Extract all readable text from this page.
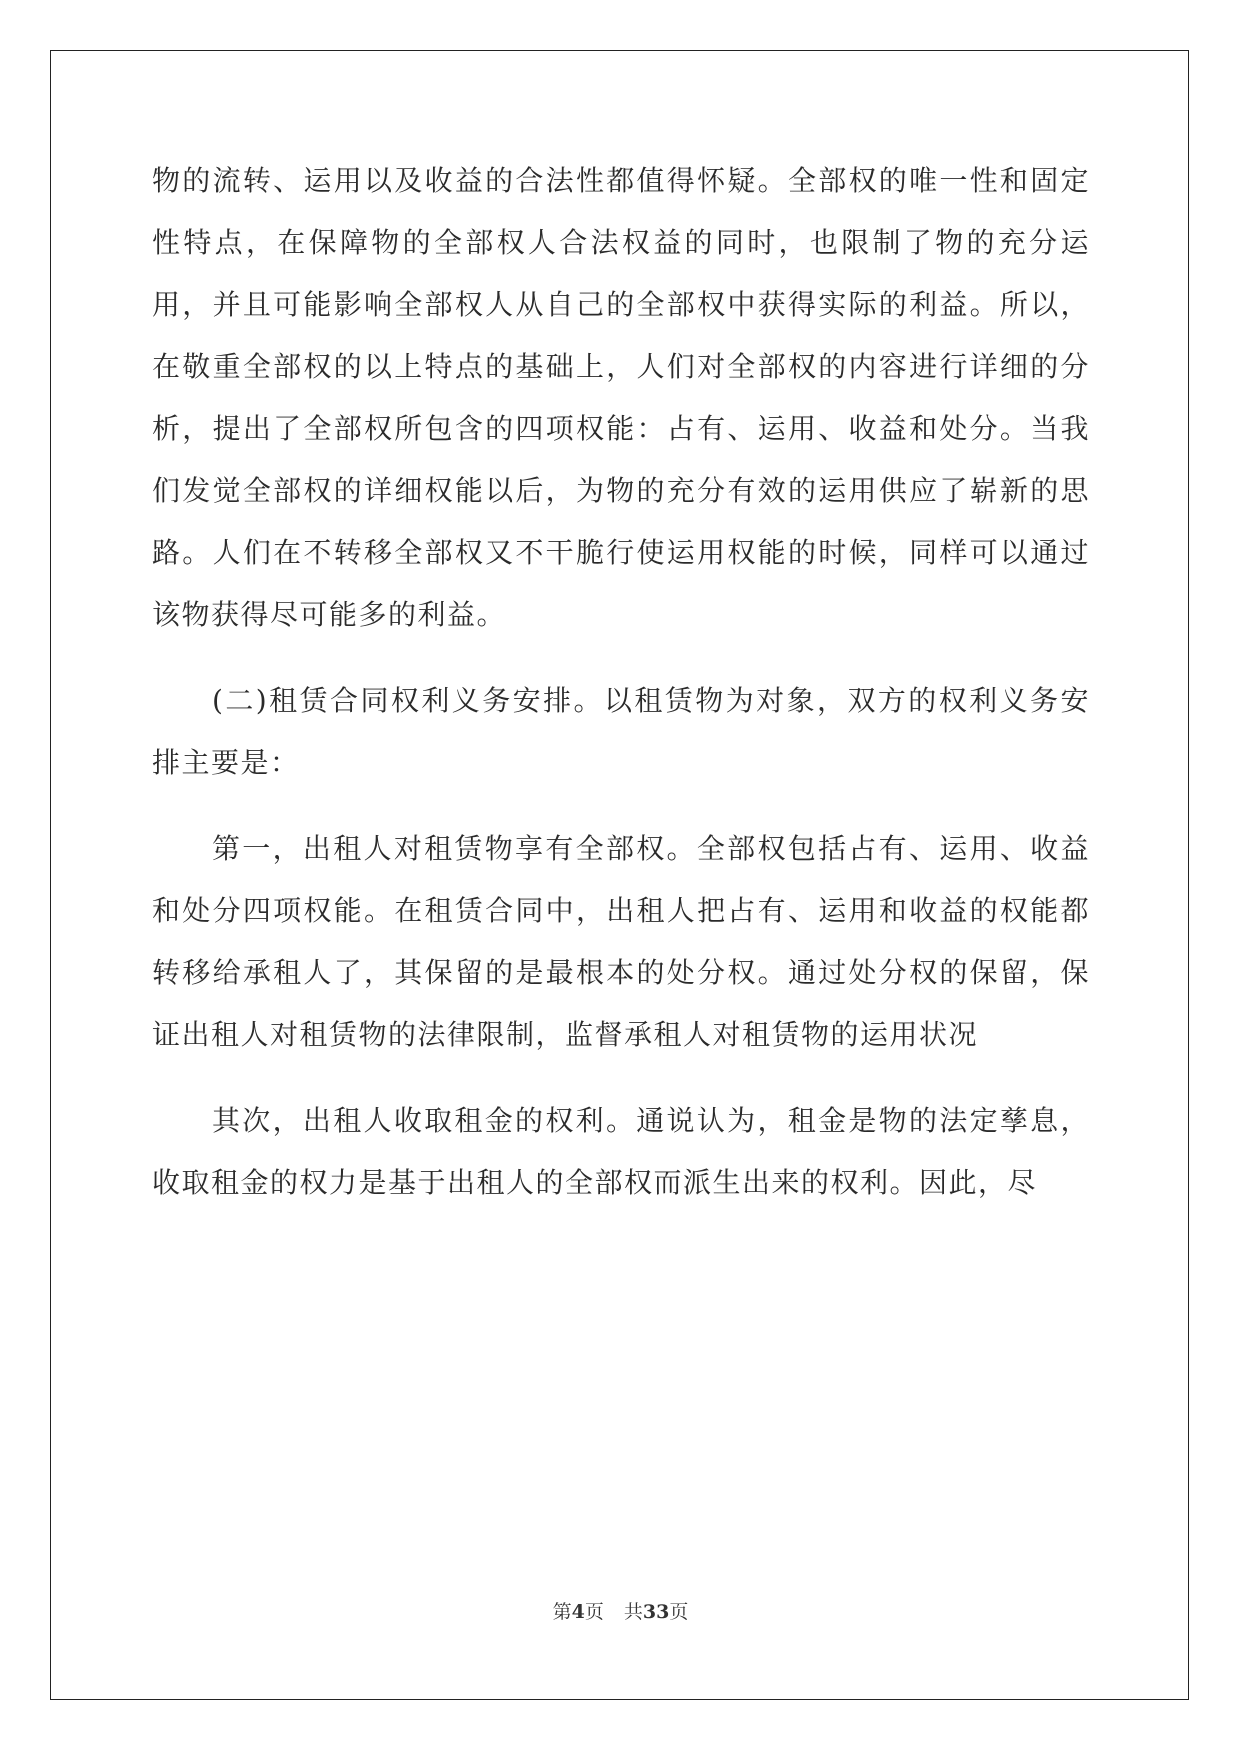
物的流转、运用以及收益的合法性都值得怀疑。全部权的唯一性和固定性特点，在保障物的全部权人合法权益的同时，也限制了物的充分运用，并且可能影响全部权人从自己的全部权中获得实际的利益。所以，在敬重全部权的以上特点的基础上，人们对全部权的内容进行详细的分析，提出了全部权所包含的四项权能：占有、运用、收益和处分。当我们发觉全部权的详细权能以后，为物的充分有效的运用供应了崭新的思路。人们在不转移全部权又不干脆行使运用权能的时候，同样可以通过该物获得尽可能多的利益。

(二)租赁合同权利义务安排。以租赁物为对象，双方的权利义务安排主要是：

第一，出租人对租赁物享有全部权。全部权包括占有、运用、收益和处分四项权能。在租赁合同中，出租人把占有、运用和收益的权能都转移给承租人了，其保留的是最根本的处分权。通过处分权的保留，保证出租人对租赁物的法律限制，监督承租人对租赁物的运用状况

其次，出租人收取租金的权利。通说认为，租金是物的法定孳息，收取租金的权力是基于出租人的全部权而派生出来的权利。因此，尽

第4页 共33页
